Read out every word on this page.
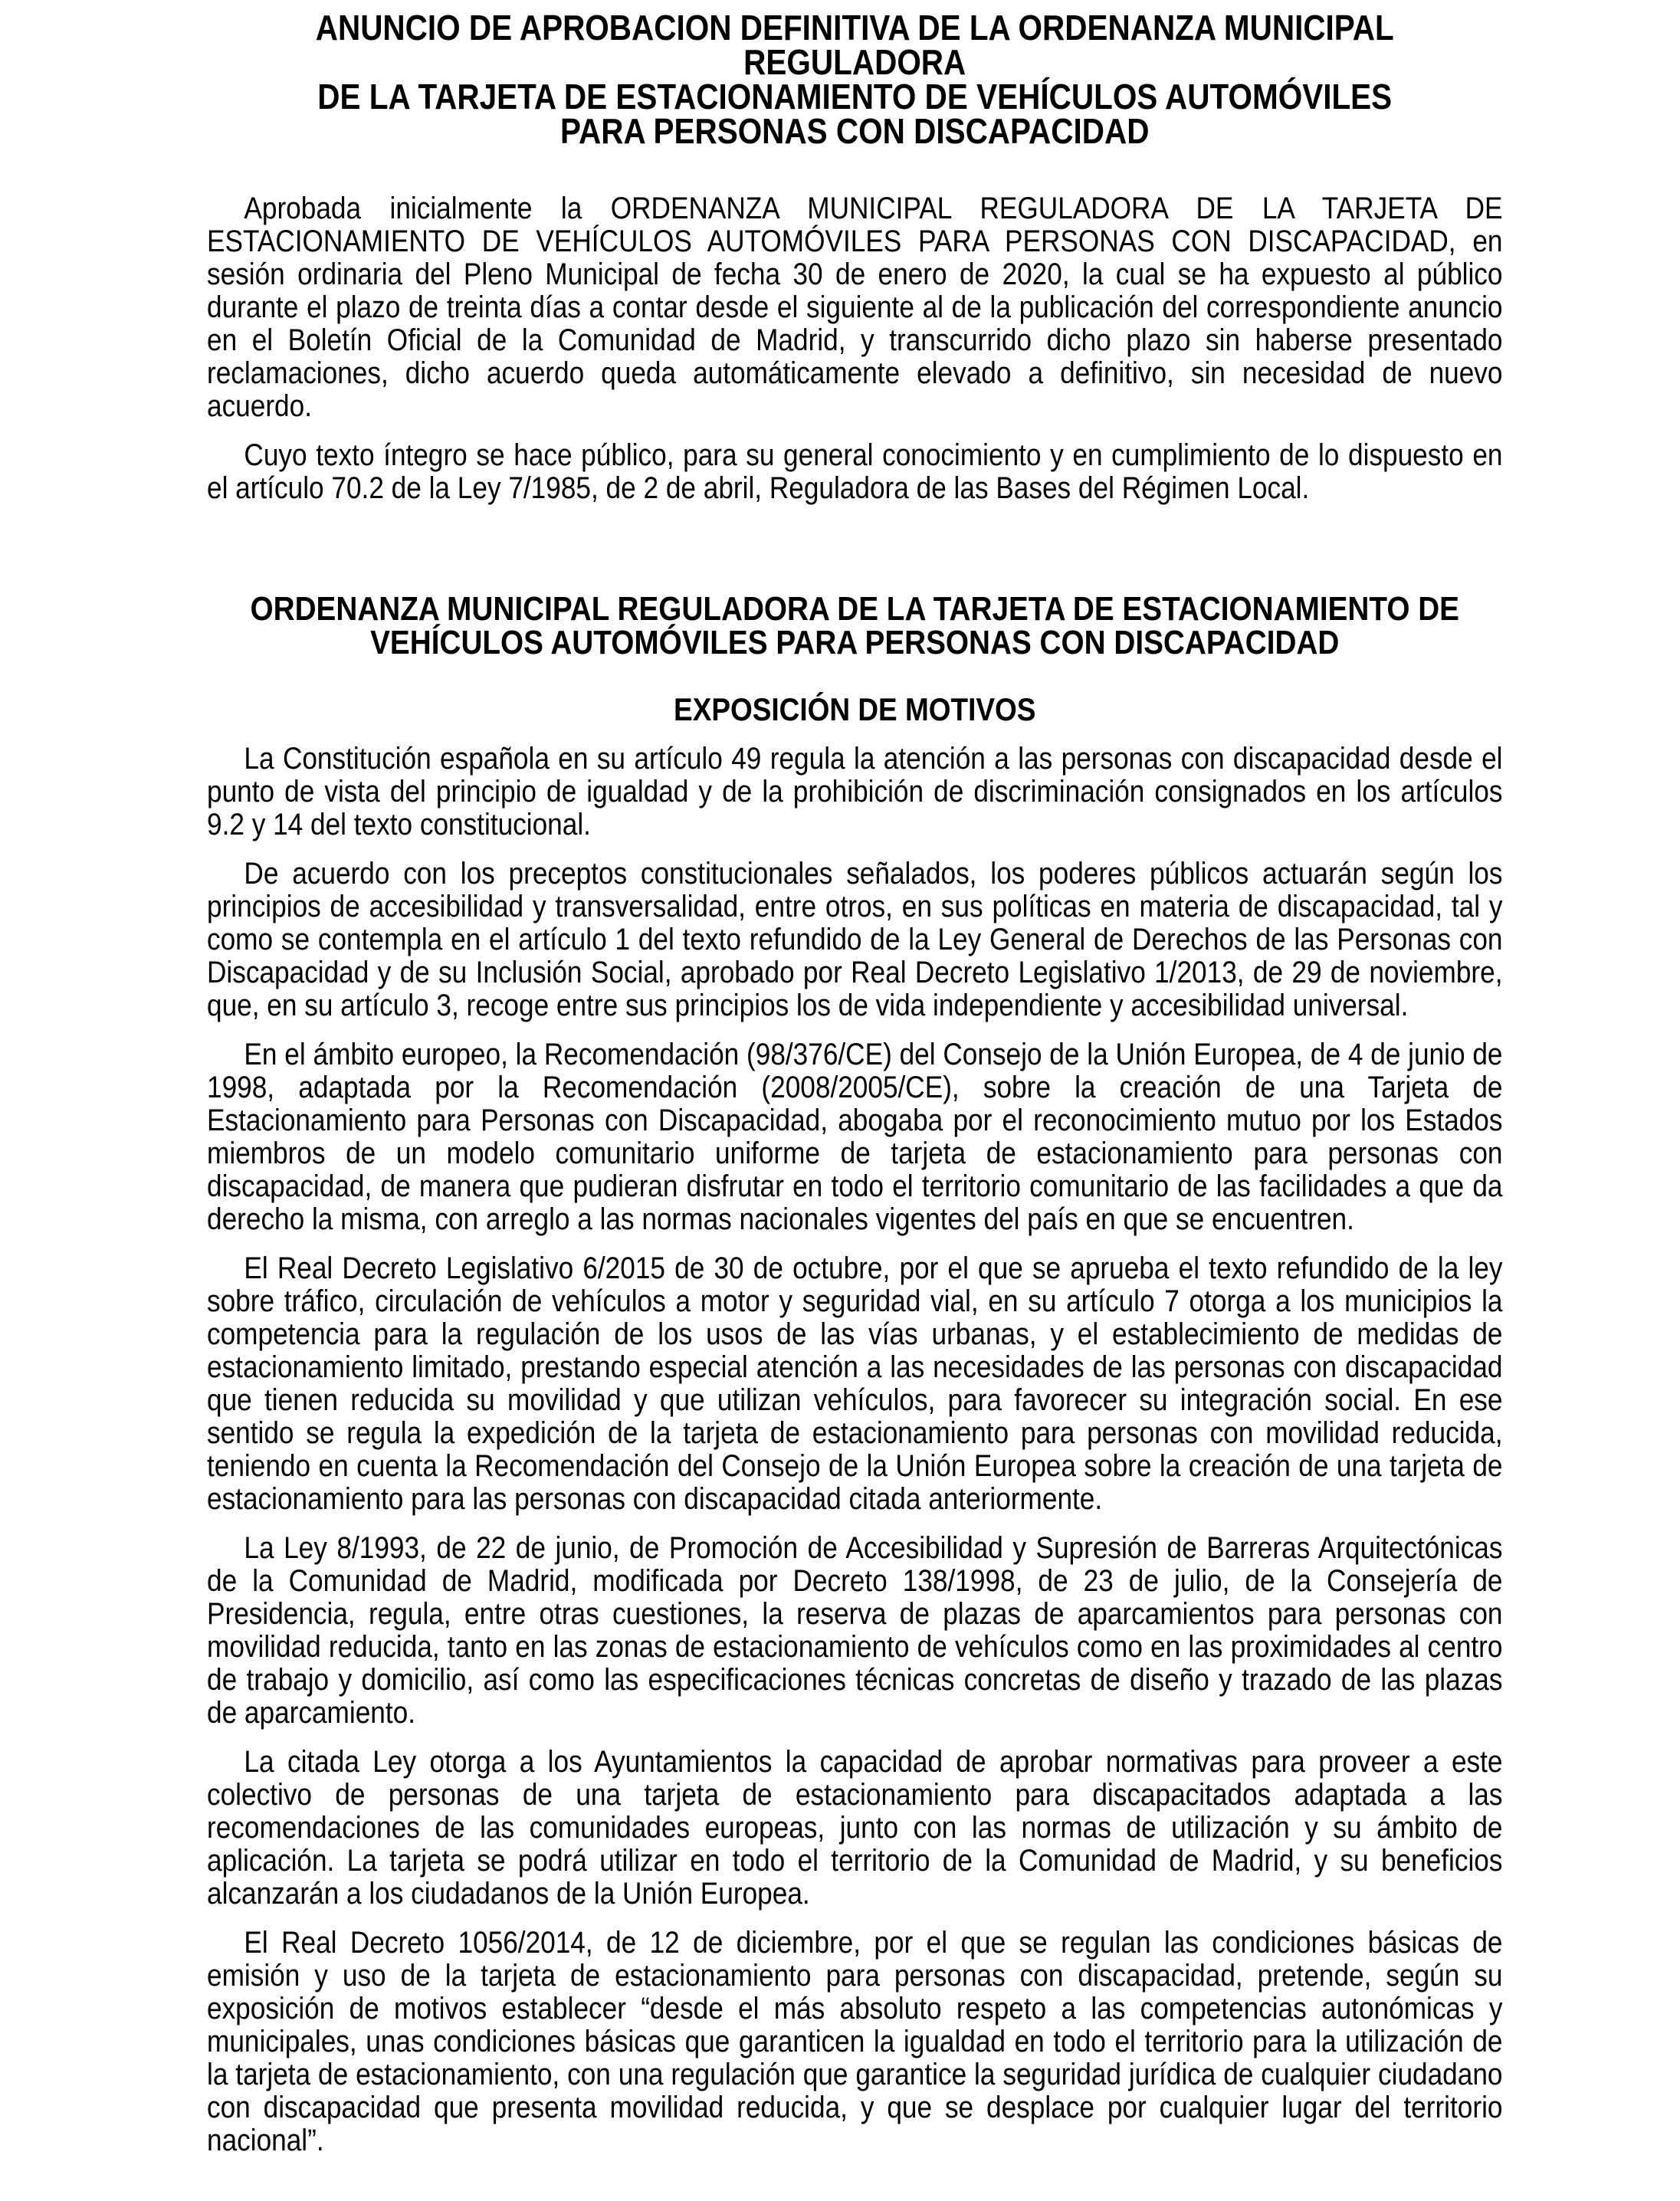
ANUNCIO DE APROBACION DEFINITIVA DE LA ORDENANZA MUNICIPAL REGULADORA
DE LA TARJETA DE ESTACIONAMIENTO DE VEHÍCULOS AUTOMÓVILES
PARA PERSONAS CON DISCAPACIDAD

Aprobada inicialmente la ORDENANZA MUNICIPAL REGULADORA DE LA TARJETA DE ESTACIONAMIENTO DE VEHÍCULOS AUTOMÓVILES PARA PERSONAS CON DISCAPACIDAD, en sesión ordinaria del Pleno Municipal de fecha 30 de enero de 2020, la cual se ha expuesto al público durante el plazo de treinta días a contar desde el siguiente al de la publicación del correspondiente anuncio en el Boletín Oficial de la Comunidad de Madrid, y transcurrido dicho plazo sin haberse presentado reclamaciones, dicho acuerdo queda automáticamente elevado a definitivo, sin necesidad de nuevo acuerdo.

Cuyo texto íntegro se hace público, para su general conocimiento y en cumplimiento de lo dispuesto en el artículo 70.2 de la Ley 7/1985, de 2 de abril, Reguladora de las Bases del Régimen Local.

ORDENANZA MUNICIPAL REGULADORA DE LA TARJETA DE ESTACIONAMIENTO DE
VEHÍCULOS AUTOMÓVILES PARA PERSONAS CON DISCAPACIDAD
EXPOSICIÓN DE MOTIVOS

La Constitución española en su artículo 49 regula la atención a las personas con discapacidad desde el punto de vista del principio de igualdad y de la prohibición de discriminación consignados en los artículos 9.2 y 14 del texto constitucional.

De acuerdo con los preceptos constitucionales señalados, los poderes públicos actuarán según los principios de accesibilidad y transversalidad, entre otros, en sus políticas en materia de discapacidad, tal y como se contempla en el artículo 1 del texto refundido de la Ley General de Derechos de las Personas con Discapacidad y de su Inclusión Social, aprobado por Real Decreto Legislativo 1/2013, de 29 de noviembre, que, en su artículo 3, recoge entre sus principios los de vida independiente y accesibilidad universal.

En el ámbito europeo, la Recomendación (98/376/CE) del Consejo de la Unión Europea, de 4 de junio de 1998, adaptada por la Recomendación (2008/2005/CE), sobre la creación de una Tarjeta de Estacionamiento para Personas con Discapacidad, abogaba por el reconocimiento mutuo por los Estados miembros de un modelo comunitario uniforme de tarjeta de estacionamiento para personas con discapacidad, de manera que pudieran disfrutar en todo el territorio comunitario de las facilidades a que da derecho la misma, con arreglo a las normas nacionales vigentes del país en que se encuentren.

El Real Decreto Legislativo 6/2015 de 30 de octubre, por el que se aprueba el texto refundido de la ley sobre tráfico, circulación de vehículos a motor y seguridad vial, en su artículo 7 otorga a los municipios la competencia para la regulación de los usos de las vías urbanas, y el establecimiento de medidas de estacionamiento limitado, prestando especial atención a las necesidades de las personas con discapacidad que tienen reducida su movilidad y que utilizan vehículos, para favorecer su integración social. En ese sentido se regula la expedición de la tarjeta de estacionamiento para personas con movilidad reducida, teniendo en cuenta la Recomendación del Consejo de la Unión Europea sobre la creación de una tarjeta de estacionamiento para las personas con discapacidad citada anteriormente.

La Ley 8/1993, de 22 de junio, de Promoción de Accesibilidad y Supresión de Barreras Arquitectónicas de la Comunidad de Madrid, modificada por Decreto 138/1998, de 23 de julio, de la Consejería de Presidencia, regula, entre otras cuestiones, la reserva de plazas de aparcamientos para personas con movilidad reducida, tanto en las zonas de estacionamiento de vehículos como en las proximidades al centro de trabajo y domicilio, así como las especificaciones técnicas concretas de diseño y trazado de las plazas de aparcamiento.

La citada Ley otorga a los Ayuntamientos la capacidad de aprobar normativas para proveer a este colectivo de personas de una tarjeta de estacionamiento para discapacitados adaptada a las recomendaciones de las comunidades europeas, junto con las normas de utilización y su ámbito de aplicación. La tarjeta se podrá utilizar en todo el territorio de la Comunidad de Madrid, y su beneficios alcanzarán a los ciudadanos de la Unión Europea.

El Real Decreto 1056/2014, de 12 de diciembre, por el que se regulan las condiciones básicas de emisión y uso de la tarjeta de estacionamiento para personas con discapacidad, pretende, según su exposición de motivos establecer “desde el más absoluto respeto a las competencias autonómicas y municipales, unas condiciones básicas que garanticen la igualdad en todo el territorio para la utilización de la tarjeta de estacionamiento, con una regulación que garantice la seguridad jurídica de cualquier ciudadano con discapacidad que presenta movilidad reducida, y que se desplace por cualquier lugar del territorio nacional”.
